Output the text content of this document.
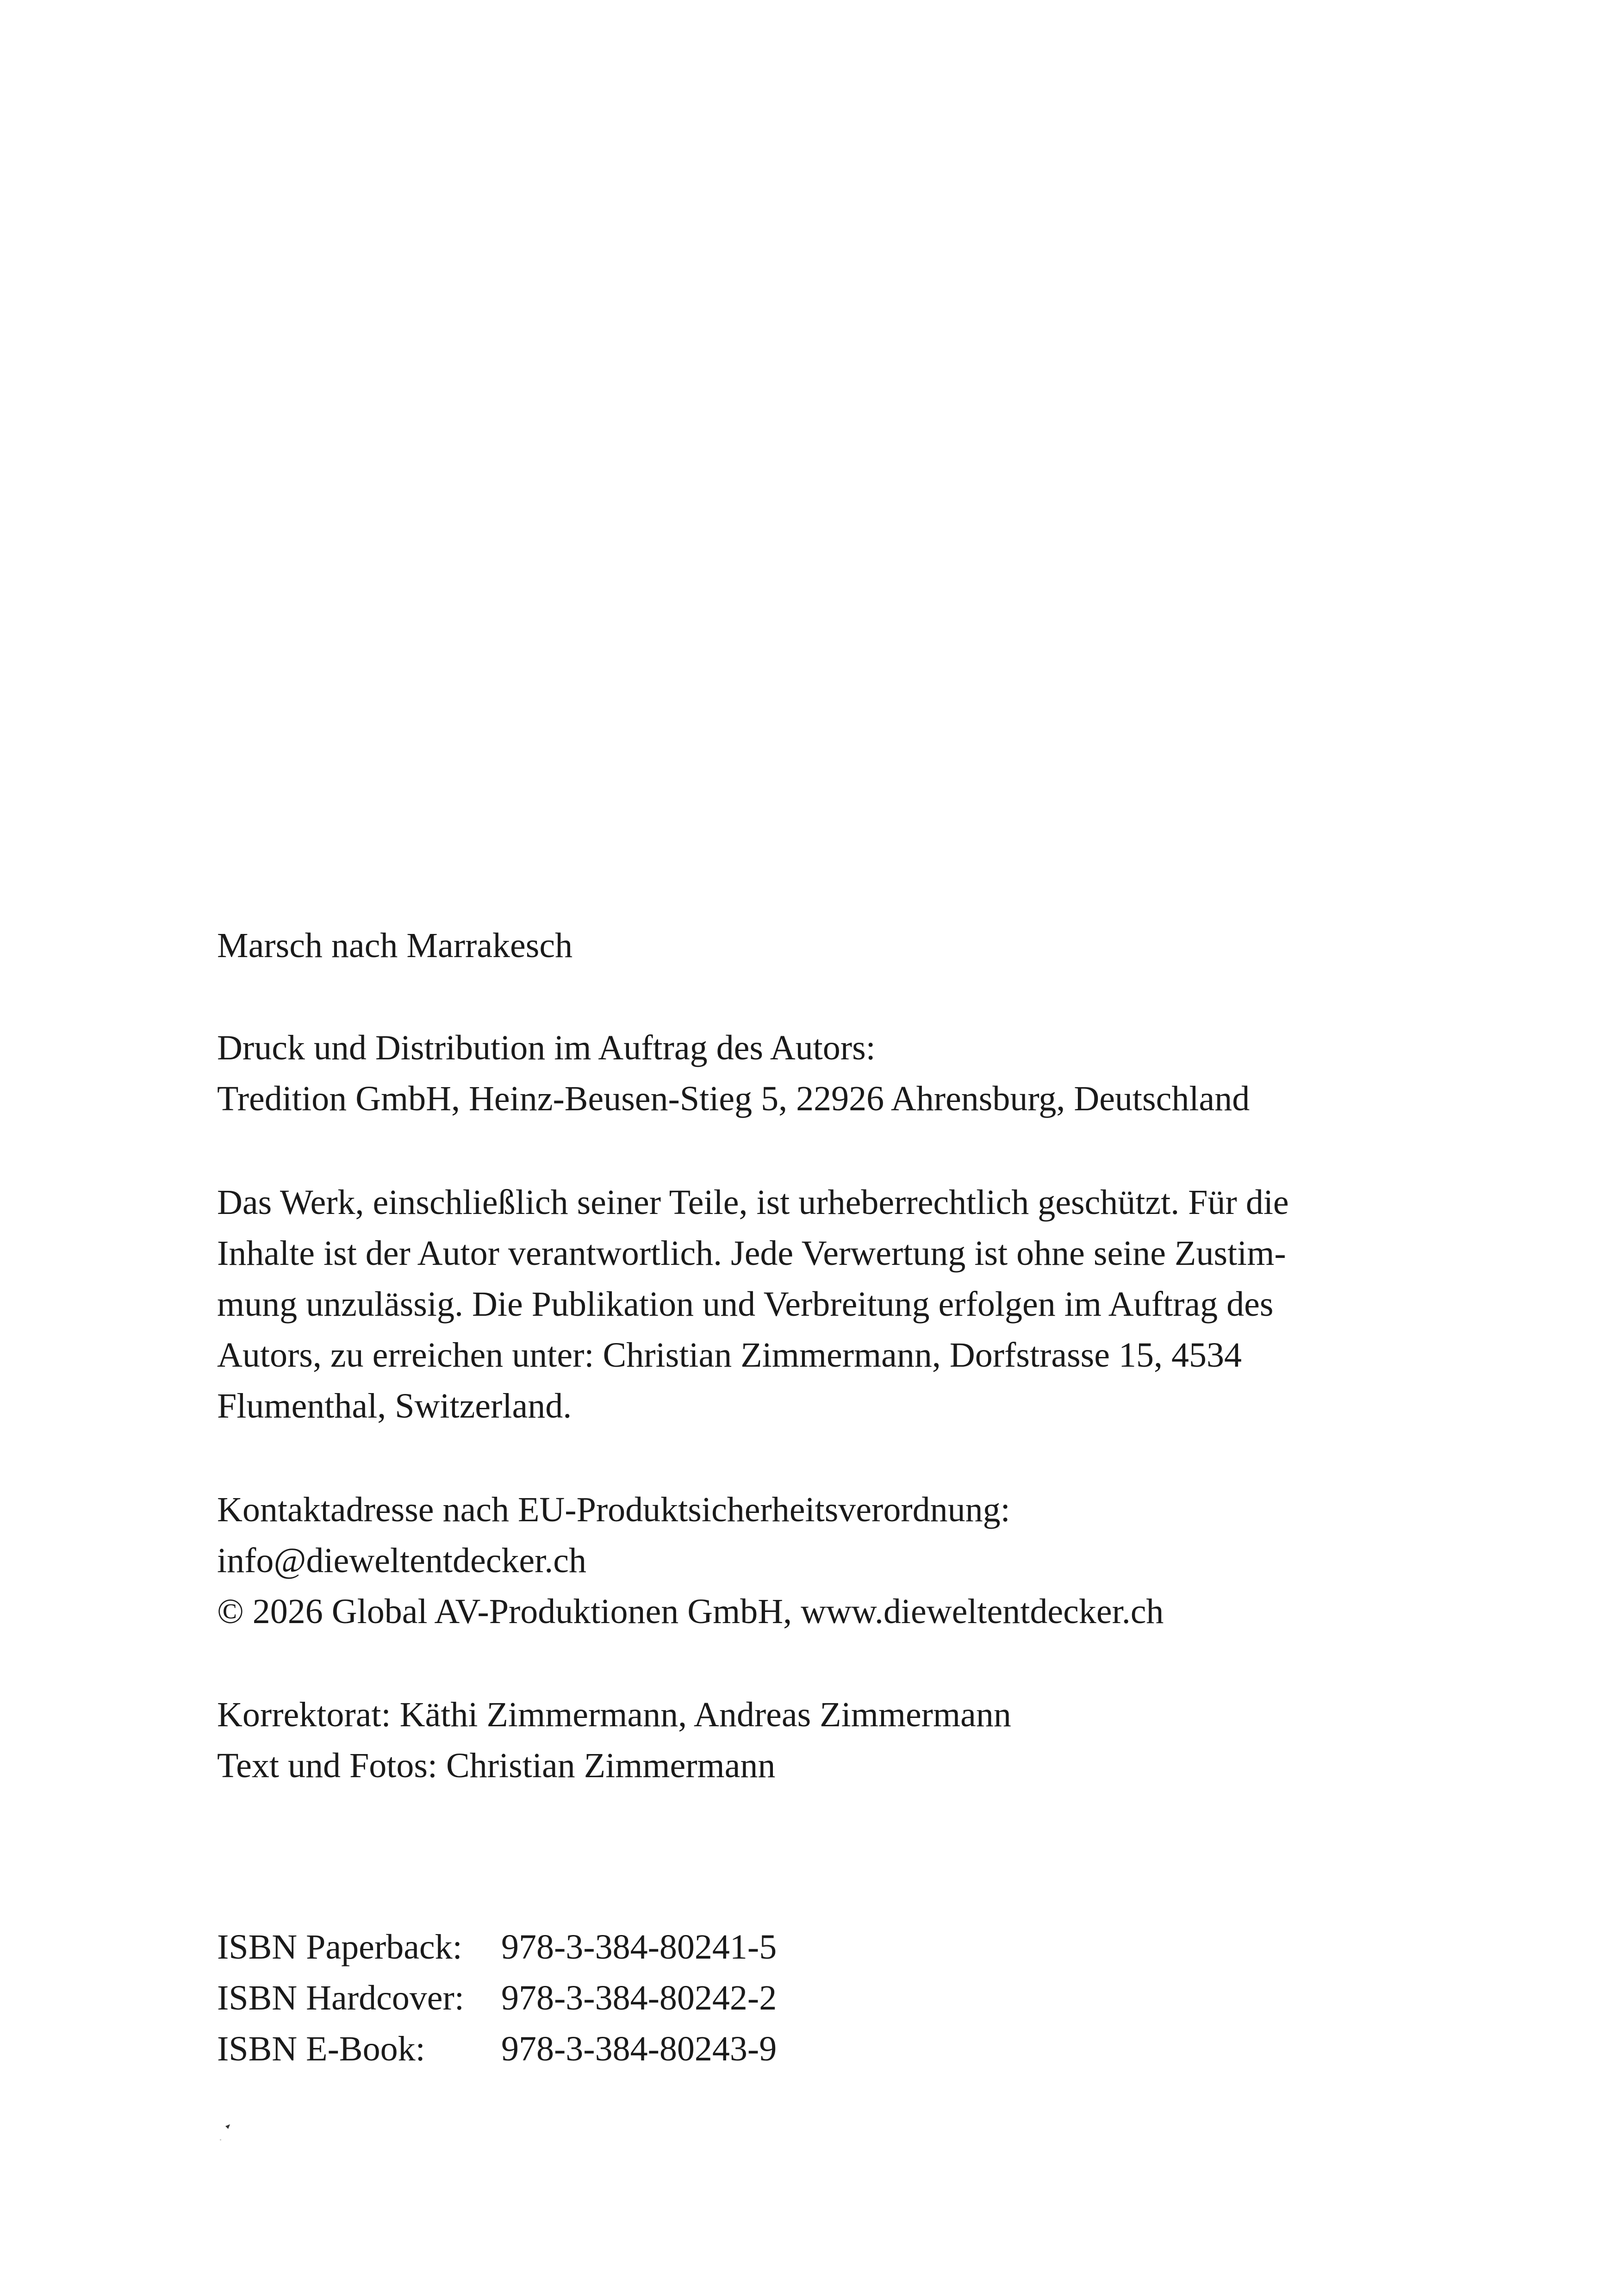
Marsch nach Marrakesch

Druck und Distribution im Auftrag des Autors:

Tredition GmbH, Heinz-Beusen-Stieg 5, 22926 Ahrensburg, Deutschland

Das Werk, einschließlich seiner Teile, ist urheberrechtlich geschützt. Für die

Inhalte ist der Autor verantwortlich. Jede Verwertung ist ohne seine Zustim-

mung unzulässig. Die Publikation und Verbreitung erfolgen im Auftrag des

Autors, zu erreichen unter: Christian Zimmermann, Dorfstrasse 15, 4534

Flumenthal, Switzerland.

Kontaktadresse nach EU-Produktsicherheitsverordnung:

info@dieweltentdecker.ch

© 2026 Global AV-Produktionen GmbH, www.dieweltentdecker.ch

Korrektorat: Käthi Zimmermann, Andreas Zimmermann

Text und Fotos: Christian Zimmermann

ISBN Paperback:	978-3-384-80241-5
ISBN Hardcover:	978-3-384-80242-2
ISBN E-Book:	978-3-384-80243-9
